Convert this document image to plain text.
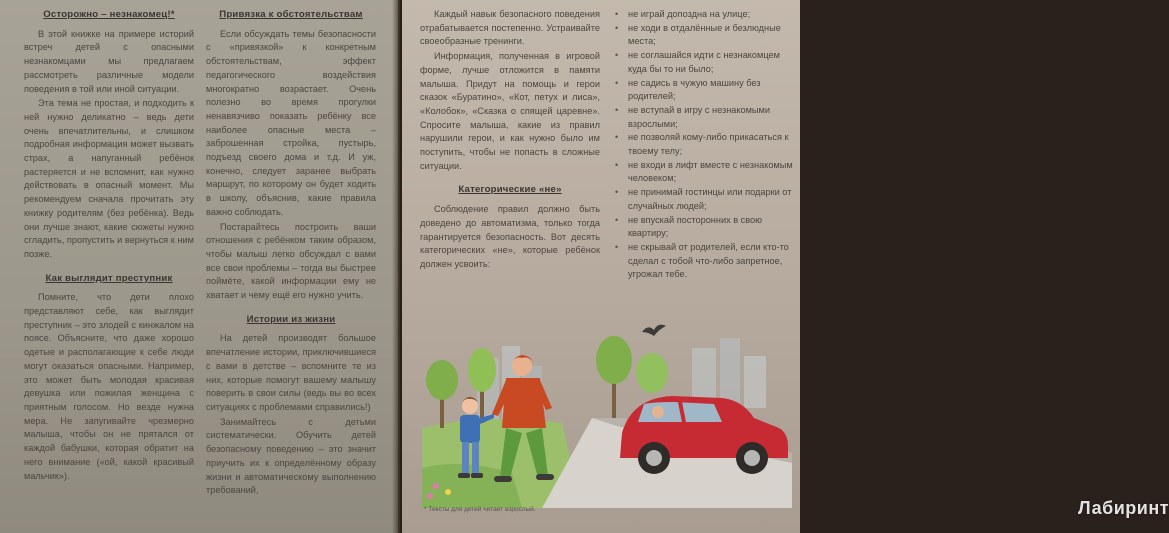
Осторожно – незнакомец!*

В этой книжке на примере историй встреч детей с опасными незнакомцами мы предлагаем рассмотреть различные модели поведения в той или иной ситуации.

Эта тема не простая, и подходить к ней нужно деликатно – ведь дети очень впечатлительны, и слишком подробная информация может вызвать страх, а напуганный ребёнок растеряется и не вспомнит, как нужно действовать в опасный момент. Мы рекомендуем сначала прочитать эту книжку родителям (без ребёнка). Ведь они лучше знают, какие сюжеты нужно сгладить, пропустить и вернуться к ним позже.

Как выглядит преступник

Помните, что дети плохо представляют себе, как выглядит преступник – это злодей с кинжалом на поясе. Объясните, что даже хорошо одетые и располагающие к себе люди могут оказаться опасными. Например, это может быть молодая красивая девушка или пожилая женщина с приятным голосом. Но везде нужна мера. Не запугивайте чрезмерно малыша, чтобы он не прятался от каждой бабушки, которая обратит на него внимание («ой, какой красивый мальчик»).

Привязка к обстоятельствам

Если обсуждать темы безопасности с «привязкой» к конкретным обстоятельствам, эффект педагогического воздействия многократно возрастает. Очень полезно во время прогулки ненавязчиво показать ребёнку все наиболее опасные места – заброшенная стройка, пустырь, подъезд своего дома и т.д. И уж, конечно, следует заранее выбрать маршрут, по которому он будет ходить в школу, объяснив, какие правила важно соблюдать.

Постарайтесь построить ваши отношения с ребёнком таким образом, чтобы малыш легко обсуждал с вами все свои проблемы – тогда вы быстрее поймёте, какой информации ему не хватает и чему ещё его нужно учить.

Истории из жизни

На детей производят большое впечатление истории, приключившиеся с вами в детстве – вспомните те из них, которые помогут вашему малышу поверить в свои силы (ведь вы во всех ситуациях с проблемами справились!)

Занимайтесь с детьми систематически. Обучить детей безопасному поведению – это значит приучить их к определённому образу жизни и автоматическому выполнению требований,

Каждый навык безопасного поведения отрабатывается постепенно. Устраивайте своеобразные тренинги.

Информация, полученная в игровой форме, лучше отложится в памяти малыша. Придут на помощь и герои сказок «Буратино», «Кот, петух и лиса», «Колобок», «Сказка о спящей царевне». Спросите малыша, какие из правил нарушили герои, и как нужно было им поступить, чтобы не попасть в сложные ситуации.

Категорические «не»

Соблюдение правил должно быть доведено до автоматизма, только тогда гарантируется безопасность. Вот десять категорических «не», которые ребёнок должен усвоить:

• не играй допоздна на улице;
• не ходи в отдалённые и безлюдные места;
• не соглашайся идти с незнакомцем куда бы то ни было;
• не садись в чужую машину без родителей;
• не вступай в игру с незнакомыми взрослыми;
• не позволяй кому-либо прикасаться к твоему телу;
• не входи в лифт вместе с незнакомым человеком;
• не принимай гостинцы или подарки от случайных людей;
• не впускай посторонних в свою квартиру;
• не скрывай от родителей, если кто-то сделал с тобой что-либо запретное, угрожал тебе.
* Тексты для детей читает взрослый.	Лабиринт
